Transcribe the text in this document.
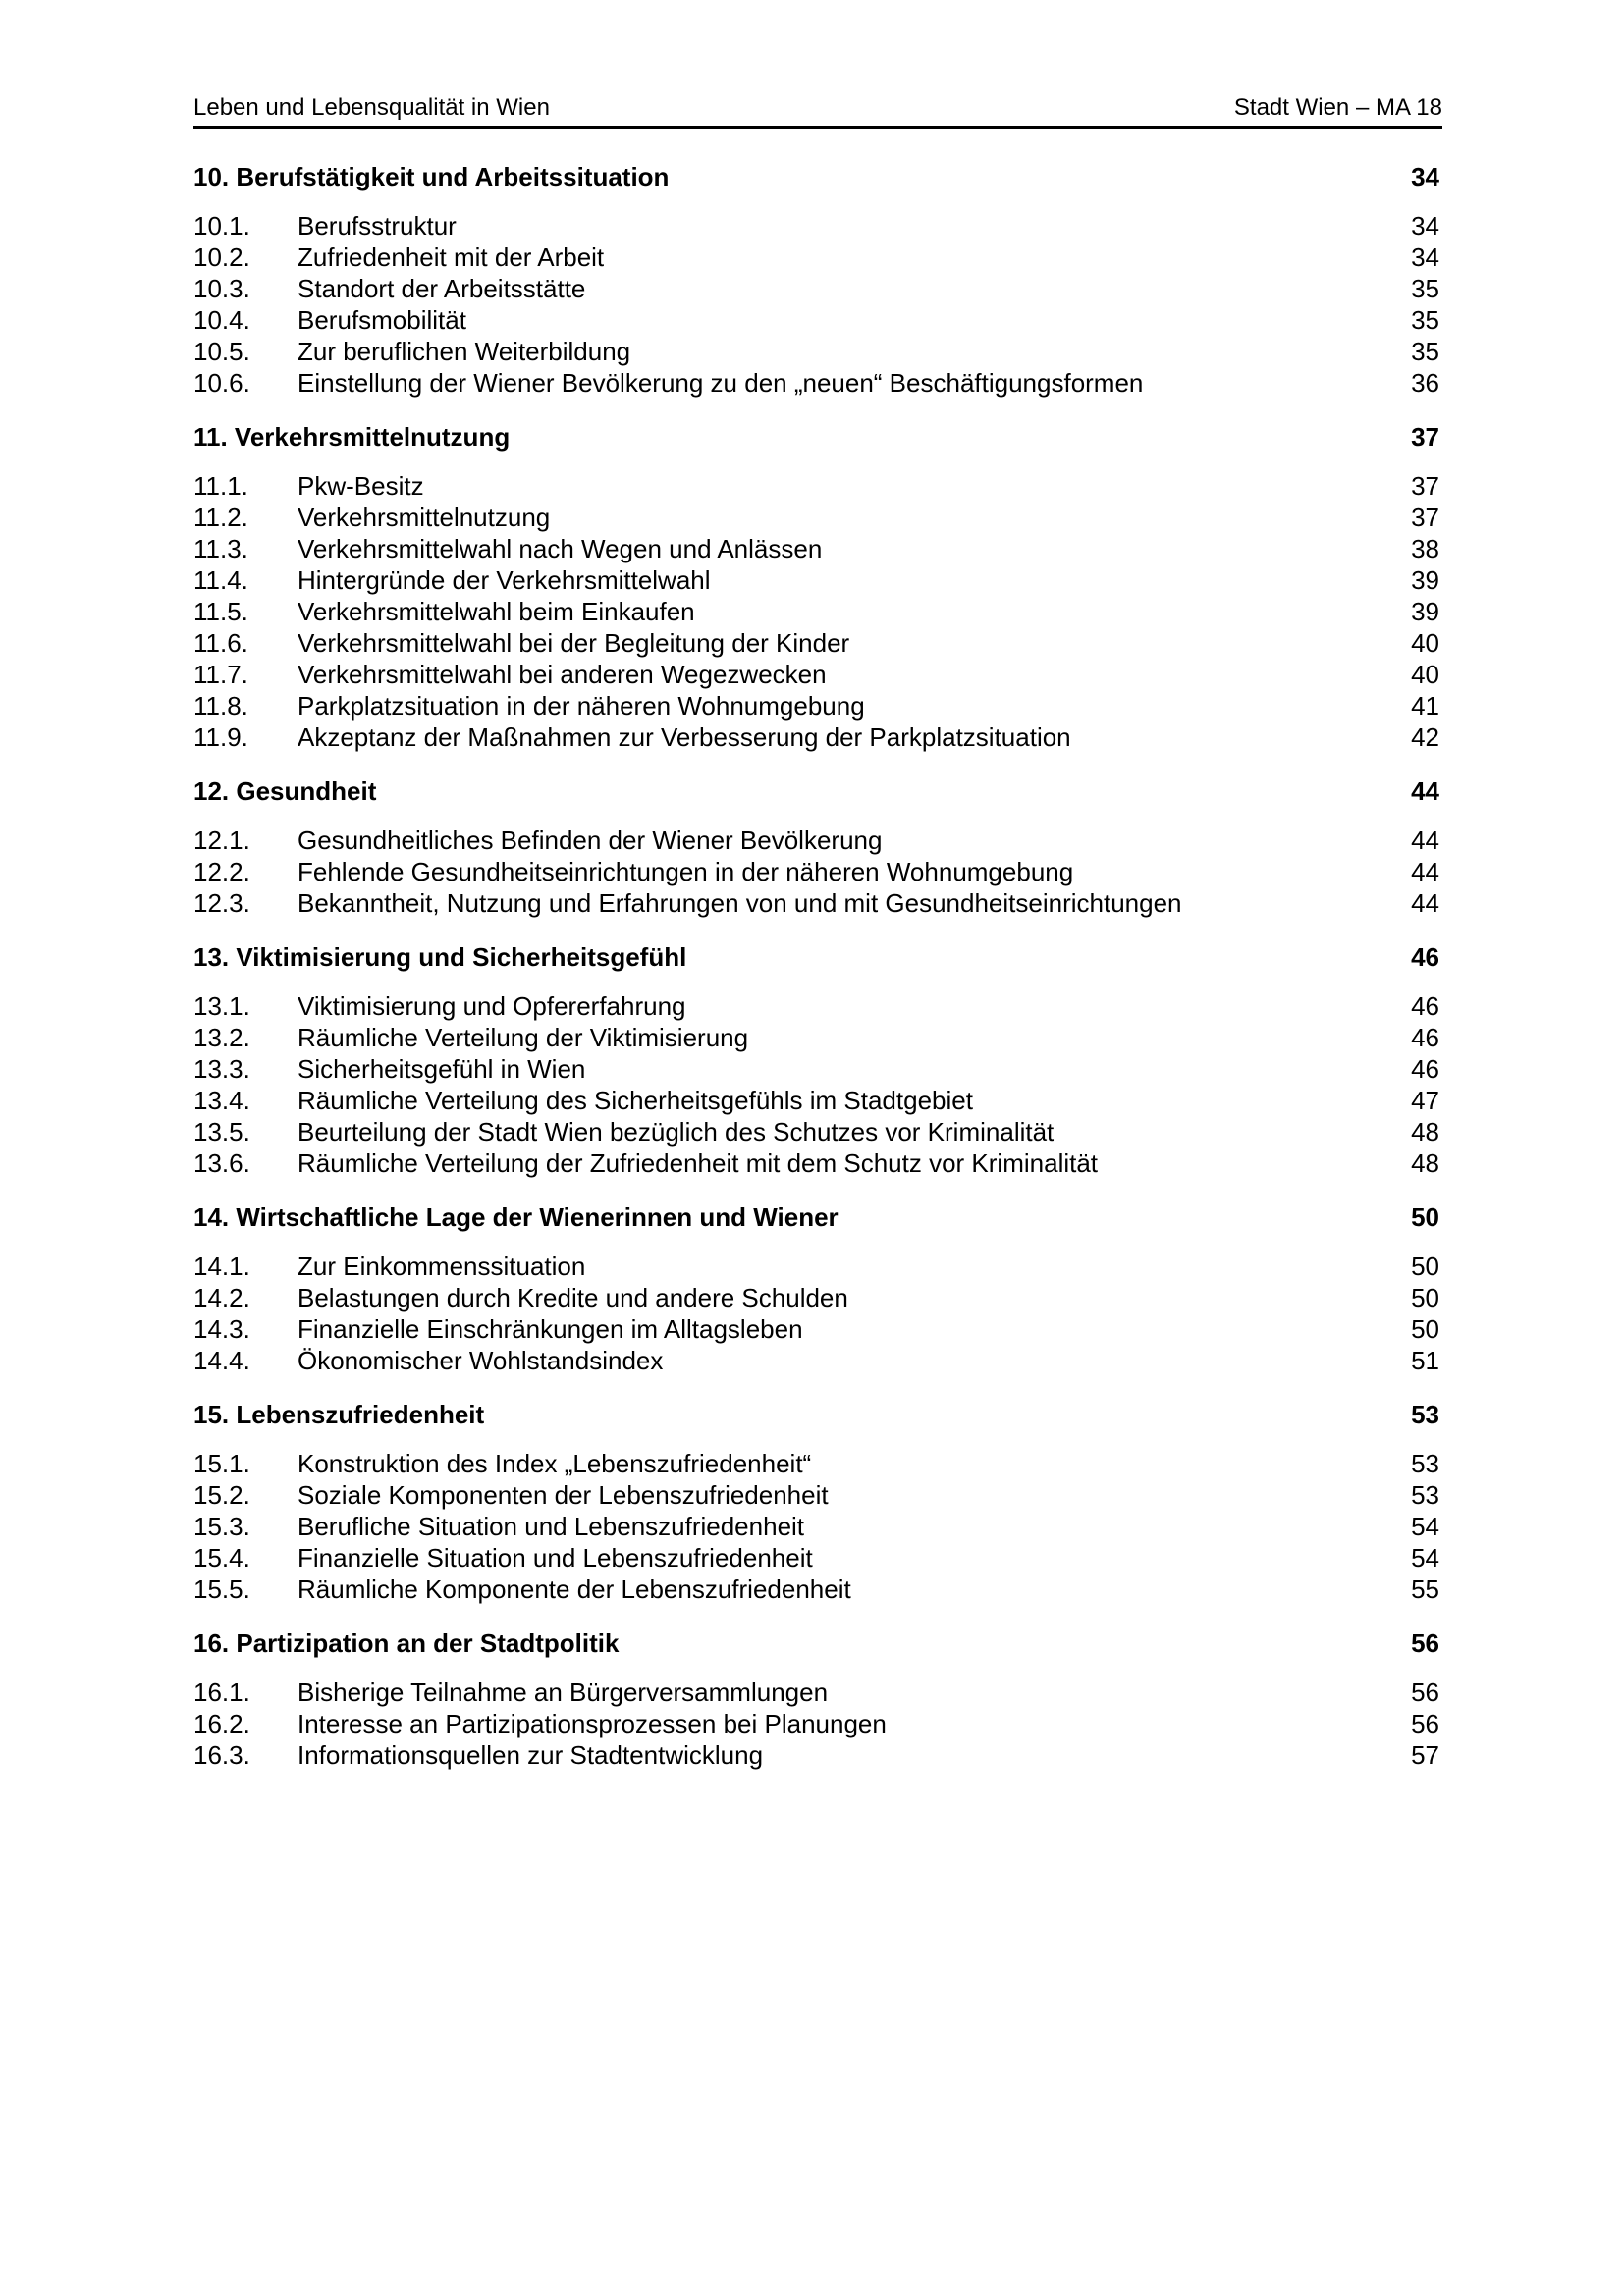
Leben und Lebensqualität in Wien	Stadt Wien – MA 18
10. Berufstätigkeit und Arbeitssituation	34
10.1.	Berufsstruktur	34
10.2.	Zufriedenheit mit der Arbeit	34
10.3.	Standort der Arbeitsstätte	35
10.4.	Berufsmobilität	35
10.5.	Zur beruflichen Weiterbildung	35
10.6.	Einstellung der Wiener Bevölkerung zu den „neuen“ Beschäftigungsformen	36
11. Verkehrsmittelnutzung	37
11.1.	Pkw-Besitz	37
11.2.	Verkehrsmittelnutzung	37
11.3.	Verkehrsmittelwahl nach Wegen und Anlässen	38
11.4.	Hintergründe der Verkehrsmittelwahl	39
11.5.	Verkehrsmittelwahl beim Einkaufen	39
11.6.	Verkehrsmittelwahl bei der Begleitung der Kinder	40
11.7.	Verkehrsmittelwahl bei anderen Wegezwecken	40
11.8.	Parkplatzsituation in der näheren Wohnumgebung	41
11.9.	Akzeptanz der Maßnahmen zur Verbesserung der Parkplatzsituation	42
12. Gesundheit	44
12.1.	Gesundheitliches Befinden der Wiener Bevölkerung	44
12.2.	Fehlende Gesundheitseinrichtungen in der näheren Wohnumgebung	44
12.3.	Bekanntheit, Nutzung und Erfahrungen von und mit Gesundheitseinrichtungen	44
13. Viktimisierung und Sicherheitsgefühl	46
13.1.	Viktimisierung und Opfererfahrung	46
13.2.	Räumliche Verteilung der Viktimisierung	46
13.3.	Sicherheitsgefühl in Wien	46
13.4.	Räumliche Verteilung des Sicherheitsgefühls im Stadtgebiet	47
13.5.	Beurteilung der Stadt Wien bezüglich des Schutzes vor Kriminalität	48
13.6.	Räumliche Verteilung der Zufriedenheit mit dem Schutz vor Kriminalität	48
14. Wirtschaftliche Lage der Wienerinnen und Wiener	50
14.1.	Zur Einkommenssituation	50
14.2.	Belastungen durch Kredite und andere Schulden	50
14.3.	Finanzielle Einschränkungen im Alltagsleben	50
14.4.	Ökonomischer Wohlstandsindex	51
15. Lebenszufriedenheit	53
15.1.	Konstruktion des Index „Lebenszufriedenheit“	53
15.2.	Soziale Komponenten der Lebenszufriedenheit	53
15.3.	Berufliche Situation und Lebenszufriedenheit	54
15.4.	Finanzielle Situation und Lebenszufriedenheit	54
15.5.	Räumliche Komponente der Lebenszufriedenheit	55
16. Partizipation an der Stadtpolitik	56
16.1.	Bisherige Teilnahme an Bürgerversammlungen	56
16.2.	Interesse an Partizipationsprozessen bei Planungen	56
16.3.	Informationsquellen zur Stadtentwicklung	57
